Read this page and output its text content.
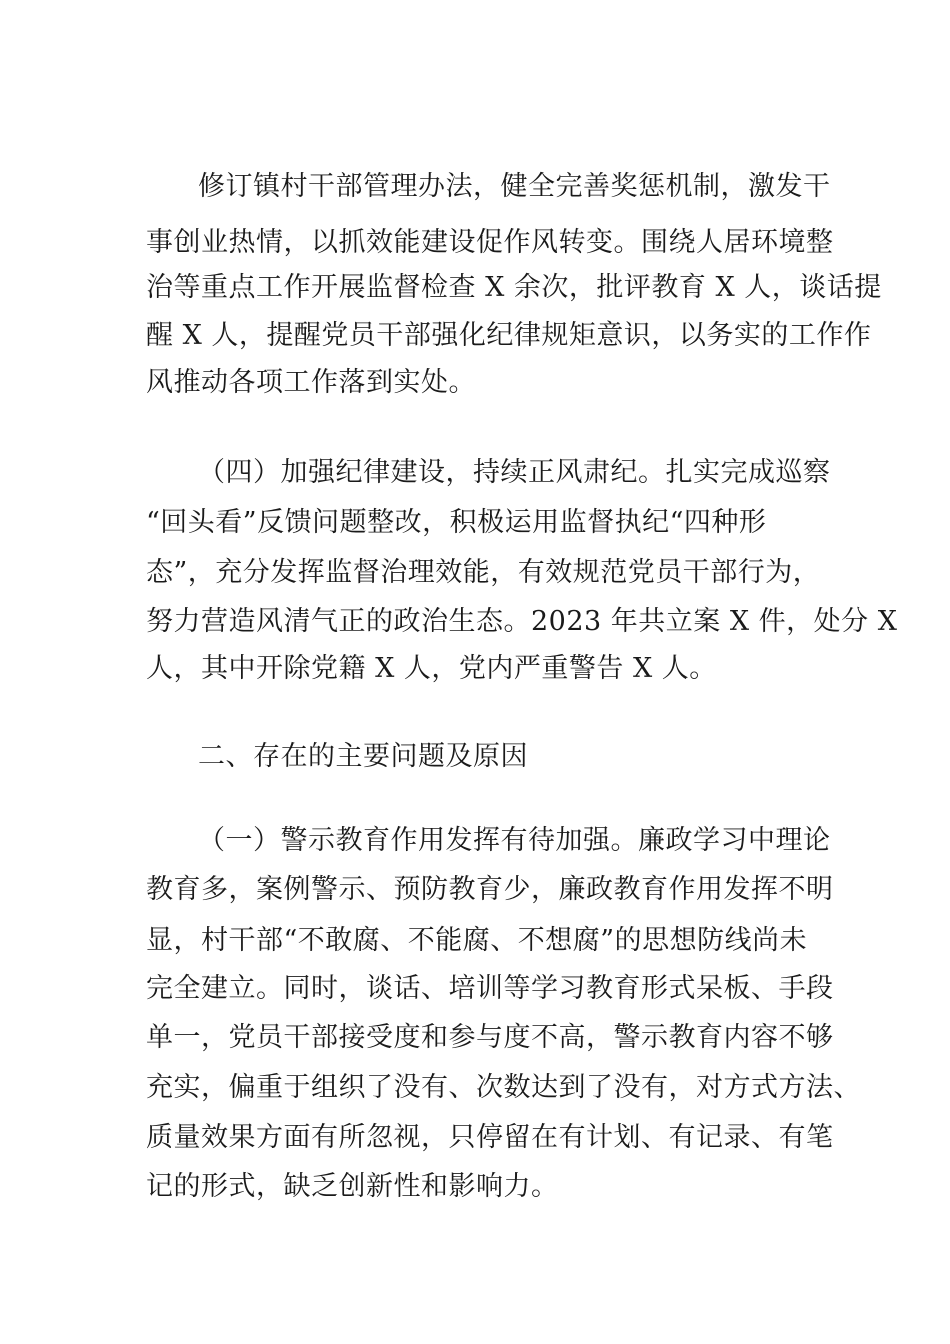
修订镇村干部管理办法，健全完善奖惩机制，激发干
事创业热情，以抓效能建设促作风转变。围绕人居环境整
治等重点工作开展监督检查 X 余次，批评教育 X 人，谈话提
醒 X 人，提醒党员干部强化纪律规矩意识，以务实的工作作
风推动各项工作落到实处。
（四）加强纪律建设，持续正风肃纪。扎实完成巡察
“回头看”反馈问题整改，积极运用监督执纪“四种形
态”，充分发挥监督治理效能，有效规范党员干部行为，
努力营造风清气正的政治生态。2023 年共立案 X 件，处分 X
人，其中开除党籍 X 人，党内严重警告 X 人。
二、存在的主要问题及原因
（一）警示教育作用发挥有待加强。廉政学习中理论
教育多，案例警示、预防教育少，廉政教育作用发挥不明
显，村干部“不敢腐、不能腐、不想腐”的思想防线尚未
完全建立。同时，谈话、培训等学习教育形式呆板、手段
单一，党员干部接受度和参与度不高，警示教育内容不够
充实，偏重于组织了没有、次数达到了没有，对方式方法、
质量效果方面有所忽视，只停留在有计划、有记录、有笔
记的形式，缺乏创新性和影响力。
